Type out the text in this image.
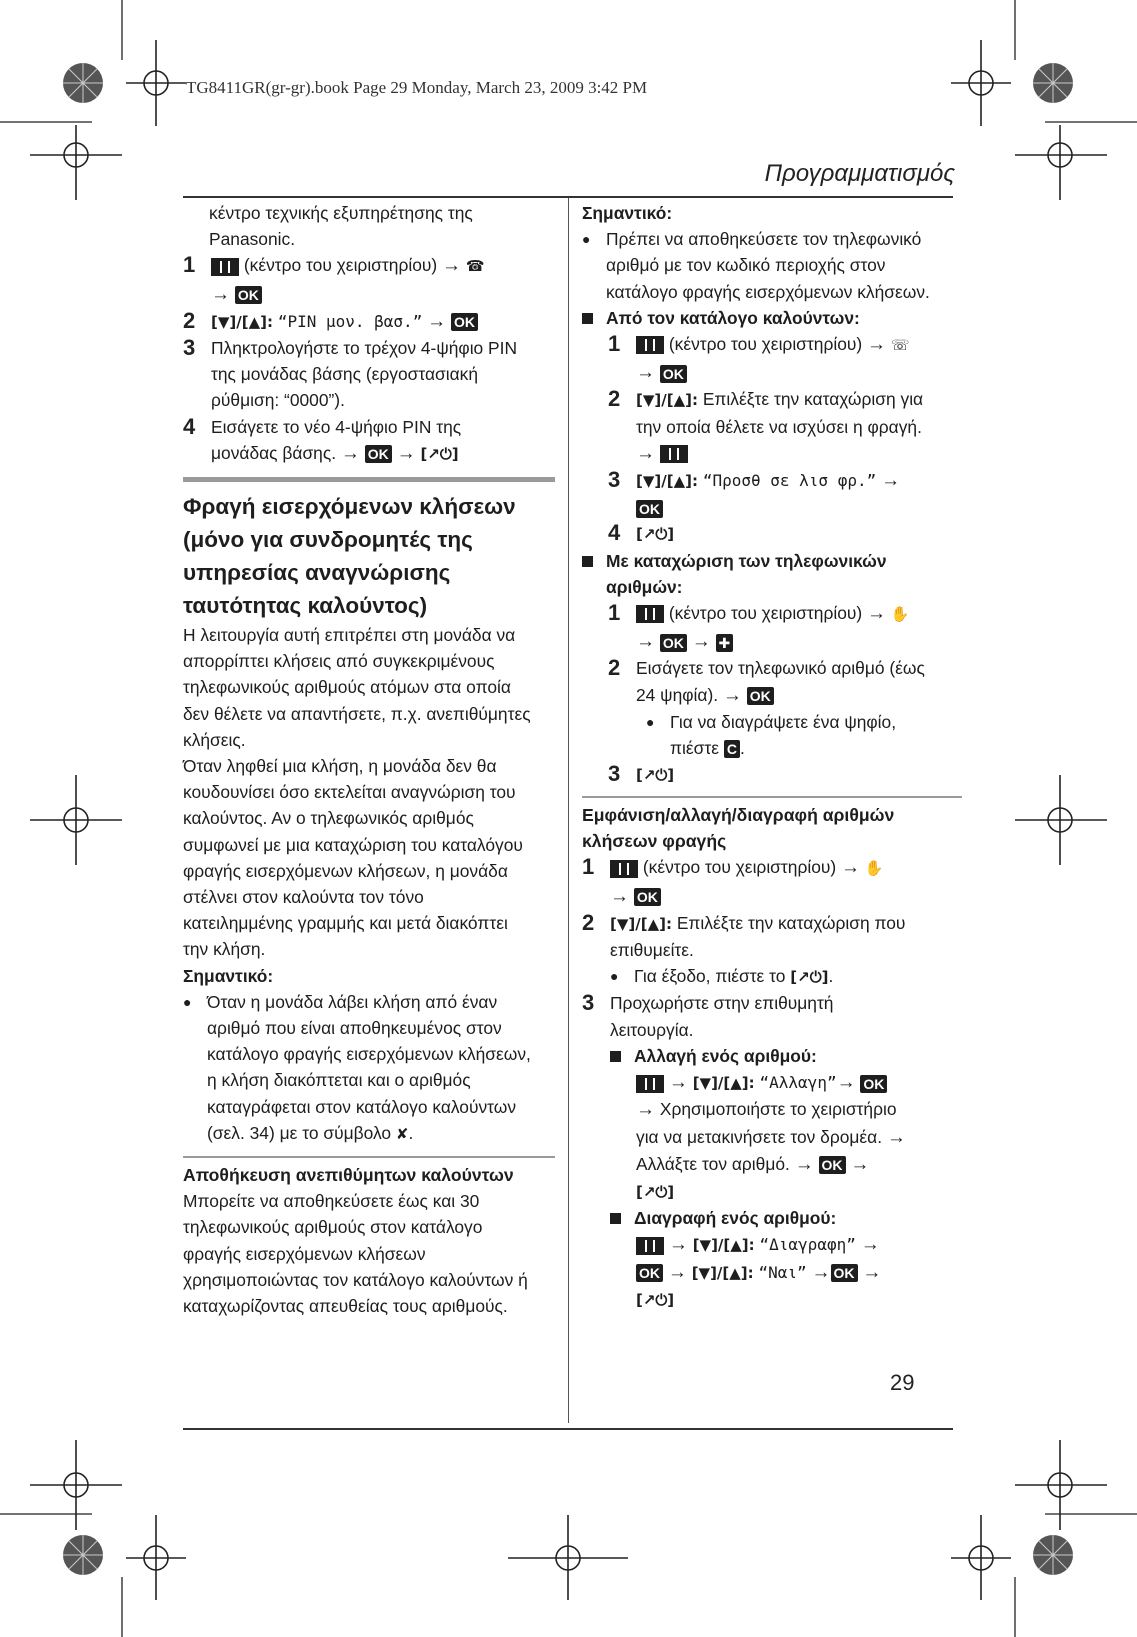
TG8411GR(gr-gr).book Page 29 Monday, March 23, 2009 3:42 PM
Προγραμματισμός
κέντρο τεχνικής εξυπηρέτησης της
Panasonic.
1	(κέντρο του χειριστηρίου) → ☎
→ OK
2	[▼]/[▲]: “PIN μον. βασ.” → OK
3 Πληκτρολογήστε το τρέχον 4-ψήφιο PIN
της μονάδας βάσης (εργοστασιακή
ρύθμιση: “0000”).
4 Εισάγετε το νέο 4-ψήφιο PIN της
μονάδας βάσης. → OK → [↗⏻]
Φραγή εισερχόμενων κλήσεων
(μόνο για συνδρομητές της
υπηρεσίας αναγνώρισης
ταυτότητας καλούντος)
Η λειτουργία αυτή επιτρέπει στη μονάδα να
απορρίπτει κλήσεις από συγκεκριμένους
τηλεφωνικούς αριθμούς ατόμων στα οποία
δεν θέλετε να απαντήσετε, π.χ. ανεπιθύμητες
κλήσεις.
Όταν ληφθεί μια κλήση, η μονάδα δεν θα
κουδουνίσει όσο εκτελείται αναγνώριση του
καλούντος. Αν ο τηλεφωνικός αριθμός
συμφωνεί με μια καταχώριση του καταλόγου
φραγής εισερχόμενων κλήσεων, η μονάδα
στέλνει στον καλούντα τον τόνο
κατειλημμένης γραμμής και μετά διακόπτει
την κλήση.
Σημαντικό:
● Όταν η μονάδα λάβει κλήση από έναν
αριθμό που είναι αποθηκευμένος στον
κατάλογο φραγής εισερχόμενων κλήσεων,
η κλήση διακόπτεται και ο αριθμός
καταγράφεται στον κατάλογο καλούντων
(σελ. 34) με το σύμβολο ✘.
Αποθήκευση ανεπιθύμητων καλούντων
Μπορείτε να αποθηκεύσετε έως και 30
τηλεφωνικούς αριθμούς στον κατάλογο
φραγής εισερχόμενων κλήσεων
χρησιμοποιώντας τον κατάλογο καλούντων ή
καταχωρίζοντας απευθείας τους αριθμούς.
Σημαντικό:
● Πρέπει να αποθηκεύσετε τον τηλεφωνικό
αριθμό με τον κωδικό περιοχής στον
κατάλογο φραγής εισερχόμενων κλήσεων.
Από τον κατάλογο καλούντων:
1	(κέντρο του χειριστηρίου) → ☏
→ OK
2	[▼]/[▲]: Επιλέξτε την καταχώριση για
την οποία θέλετε να ισχύσει η φραγή.
→
3	[▼]/[▲]: “Προσθ σε λισ φρ.” →
OK
4	[↗⏻]
Με καταχώριση των τηλεφωνικών
αριθμών:
1	(κέντρο του χειριστηρίου) → ✋
→ OK → ✚
2 Εισάγετε τον τηλεφωνικό αριθμό (έως
24 ψηφία). → OK
● Για να διαγράψετε ένα ψηφίο,
πιέστε C .
3	[↗⏻]
Εμφάνιση/αλλαγή/διαγραφή αριθμών
κλήσεων φραγής
1	(κέντρο του χειριστηρίου) → ✋
→ OK
2	[▼]/[▲]: Επιλέξτε την καταχώριση που
επιθυμείτε.
● Για έξοδο, πιέστε το [↗⏻].
3 Προχωρήστε στην επιθυμητή
λειτουργία.
Αλλαγή ενός αριθμού:
→ [▼]/[▲]: “Αλλαγη”→ OK
→ Χρησιμοποιήστε το χειριστήριο
για να μετακινήσετε τον δρομέα. →
Αλλάξτε τον αριθμό. → OK →
[↗⏻]
Διαγραφή ενός αριθμού:
→ [▼]/[▲]: “Διαγραφη” →
OK → [▼]/[▲]: “Ναι” → OK →
[↗⏻]
29
